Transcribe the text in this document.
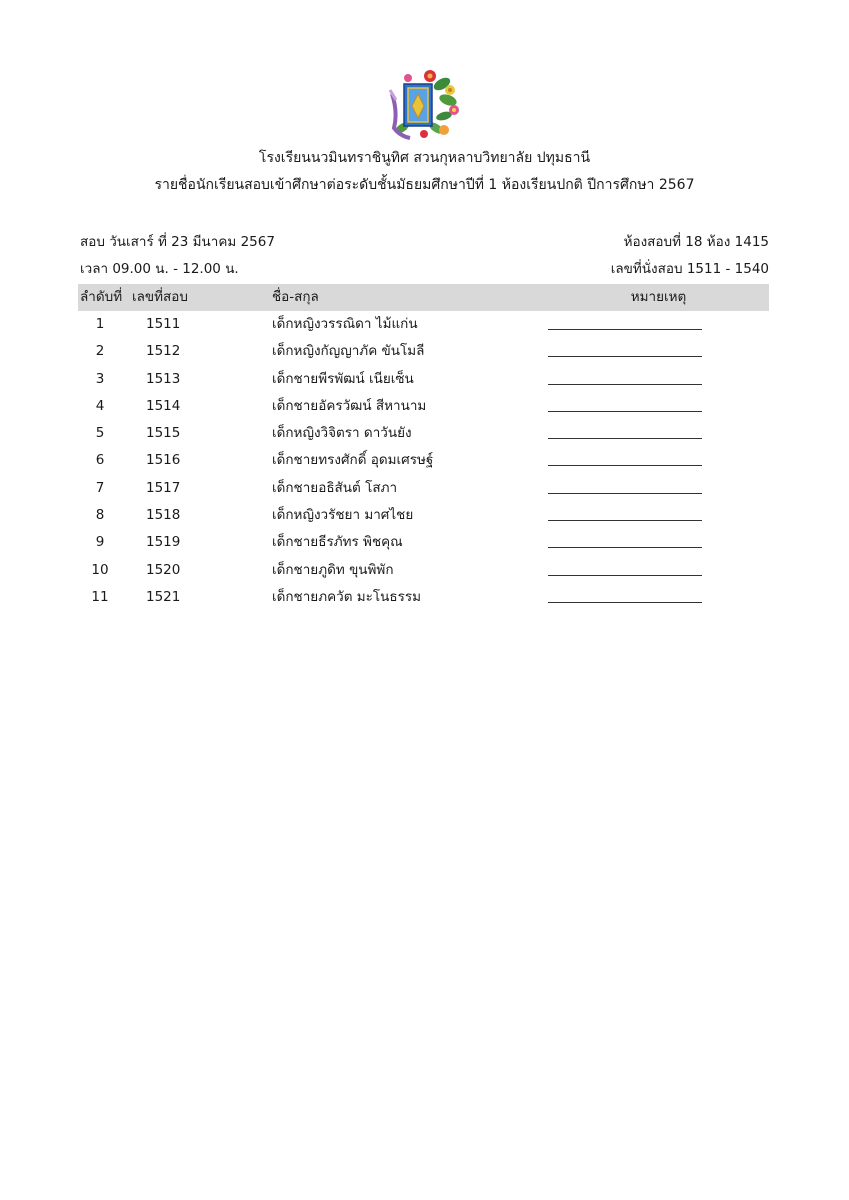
โรงเรียนนวมินทราชินูทิศ สวนกุหลาบวิทยาลัย ปทุมธานี
รายชื่อนักเรียนสอบเข้าศึกษาต่อระดับชั้นมัธยมศึกษาปีที่ 1 ห้องเรียนปกติ ปีการศึกษา 2567
สอบ วันเสาร์ ที่ 23 มีนาคม 2567
เวลา 09.00 น. - 12.00 น.
ห้องสอบที่ 18 ห้อง 1415
เลขที่นั่งสอบ 1511 - 1540
ลำดับที่ เลขที่สอบ	ชื่อ-สกุล	หมายเหตุ
1	1511	เด็กหญิงวรรณิดา ไม้แก่น
2	1512	เด็กหญิงกัญญาภัค ขันโมลี
3	1513	เด็กชายพีรพัฒน์ เนียเซ็น
4	1514	เด็กชายอัครวัฒน์ สีหานาม
5	1515	เด็กหญิงวิจิตรา ดาวันยัง
6	1516	เด็กชายทรงศักดิ์ อุดมเศรษฐ์
7	1517	เด็กชายอธิสันต์ โสภา
8	1518	เด็กหญิงวรัชยา มาศไชย
9	1519	เด็กชายธีรภัทร พิชคุณ
10	1520	เด็กชายภูดิท ขุนพิพัก
11	1521	เด็กชายภควัต มะโนธรรม
